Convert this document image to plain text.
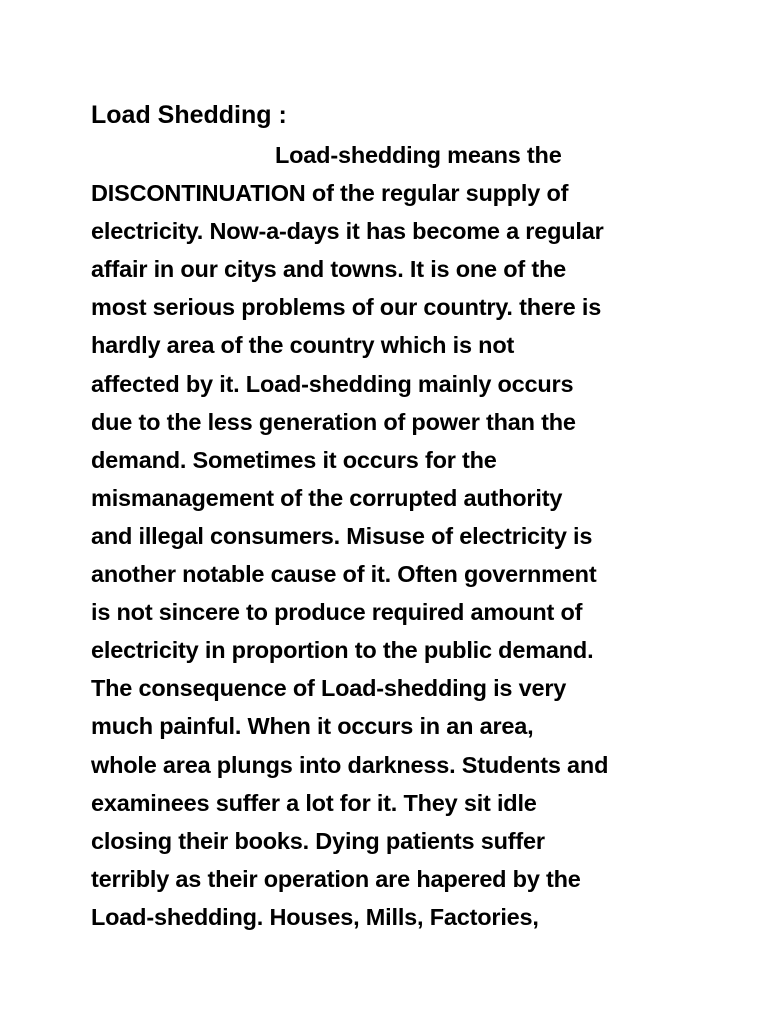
Load Shedding :
Load-shedding means the
DISCONTINUATION of the regular supply of
electricity. Now-a-days it has become a regular
affair in our citys and towns. It is one of the
most serious problems of our country. there is
hardly area of the country which is not
affected by it. Load-shedding mainly occurs
due to the less generation of power than the
demand. Sometimes it occurs for the
mismanagement of the corrupted authority
and illegal consumers. Misuse of electricity is
another notable cause of it. Often government
is not sincere to produce required amount of
electricity in proportion to the public demand.
The consequence of Load-shedding is very
much painful. When it occurs in an area,
whole area plungs into darkness. Students and
examinees suffer a lot for it. They sit idle
closing their books. Dying patients suffer
terribly as their operation are hapered by the
Load-shedding. Houses, Mills, Factories,
